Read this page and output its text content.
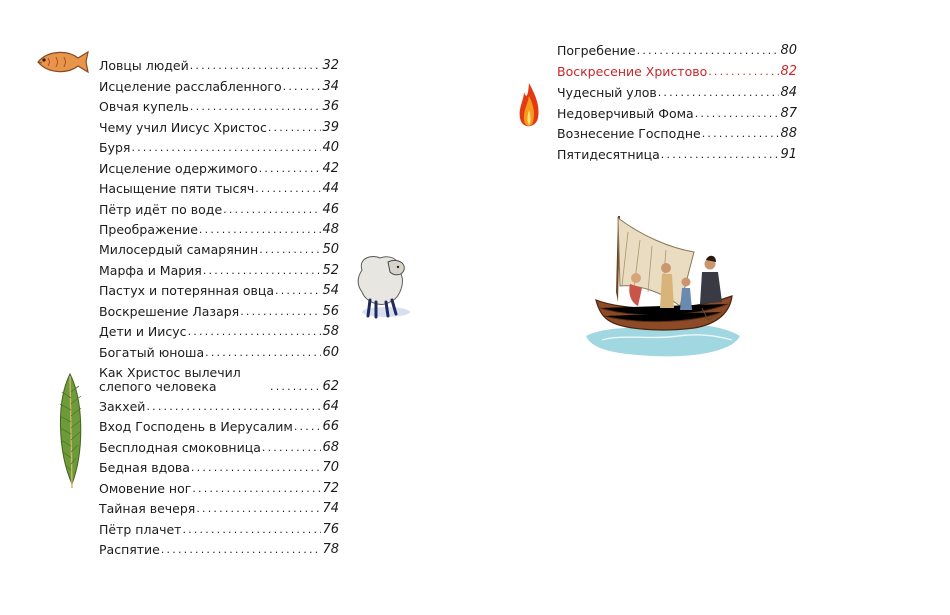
Ловцы людей .....	32
Исцеление расслабленного .....	34
Овчая купель .....	36
Чему учил Иисус Христос .....	39
Буря .....	40
Исцеление одержимого .....	42
Насыщение пяти тысяч .....	44
Пётр идёт по воде .....	46
Преображение .....	48
Милосердый самарянин .....	50
Марфа и Мария .....	52
Пастух и потерянная овца .....	54
Воскрешение Лазаря .....	56
Дети и Иисус .....	58
Богатый юноша .....	60
Как Христос вылечил слепого человека .....	62
Закхей .....	64
Вход Господень в Иерусалим ..... 66
Бесплодная смоковница .....	68
Бедная вдова .....	70
Омовение ног .....	72
Тайная вечеря .....	74
Пётр плачет .....	76
Распятие .....	78
Погребение .....	80
Воскресение Христово .....	82
Чудесный улов .....	84
Недоверчивый Фома .....	87
Вознесение Господне .....	88
Пятидесятница .....	91
